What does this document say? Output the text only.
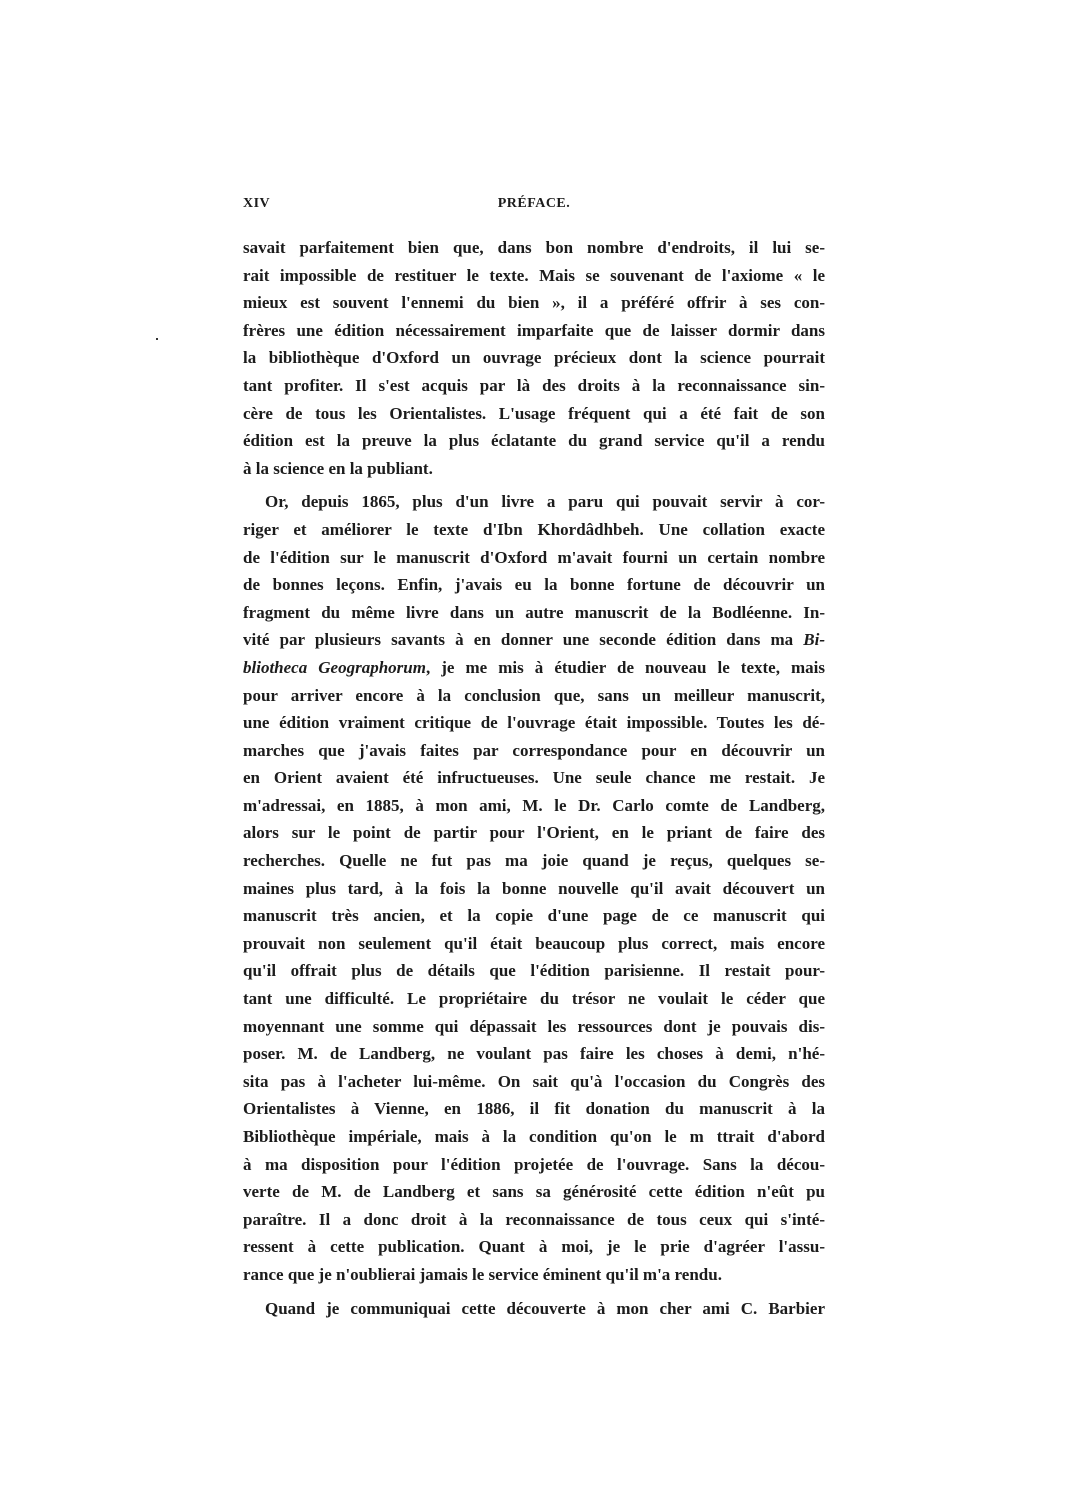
XIV	PRÉFACE.
savait parfaitement bien que, dans bon nombre d'endroits, il lui se-
rait impossible de restituer le texte. Mais se souvenant de l'axiome « le
mieux est souvent l'ennemi du bien », il a préféré offrir à ses con-
frères une édition nécessairement imparfaite que de laisser dormir dans
la bibliothèque d'Oxford un ouvrage précieux dont la science pourrait
tant profiter. Il s'est acquis par là des droits à la reconnaissance sin-
cère de tous les Orientalistes. L'usage fréquent qui a été fait de son
édition est la preuve la plus éclatante du grand service qu'il a rendu
à la science en la publiant.
Or, depuis 1865, plus d'un livre a paru qui pouvait servir à cor-
riger et améliorer le texte d'Ibn Khordâdhbeh. Une collation exacte
de l'édition sur le manuscrit d'Oxford m'avait fourni un certain nombre
de bonnes leçons. Enfin, j'avais eu la bonne fortune de découvrir un
fragment du même livre dans un autre manuscrit de la Bodléenne. In-
vité par plusieurs savants à en donner une seconde édition dans ma Bi-
bliotheca Geographorum, je me mis à étudier de nouveau le texte, mais
pour arriver encore à la conclusion que, sans un meilleur manuscrit,
une édition vraiment critique de l'ouvrage était impossible. Toutes les dé-
marches que j'avais faites par correspondance pour en découvrir un
en Orient avaient été infructueuses. Une seule chance me restait. Je
m'adressai, en 1885, à mon ami, M. le Dr. Carlo comte de Landberg,
alors sur le point de partir pour l'Orient, en le priant de faire des
recherches. Quelle ne fut pas ma joie quand je reçus, quelques se-
maines plus tard, à la fois la bonne nouvelle qu'il avait découvert un
manuscrit très ancien, et la copie d'une page de ce manuscrit qui
prouvait non seulement qu'il était beaucoup plus correct, mais encore
qu'il offrait plus de détails que l'édition parisienne. Il restait pour-
tant une difficulté. Le propriétaire du trésor ne voulait le céder que
moyennant une somme qui dépassait les ressources dont je pouvais dis-
poser. M. de Landberg, ne voulant pas faire les choses à demi, n'hé-
sita pas à l'acheter lui-même. On sait qu'à l'occasion du Congrès des
Orientalistes à Vienne, en 1886, il fit donation du manuscrit à la
Bibliothèque impériale, mais à la condition qu'on le m ttrait d'abord
à ma disposition pour l'édition projetée de l'ouvrage. Sans la décou-
verte de M. de Landberg et sans sa générosité cette édition n'eût pu
paraître. Il a donc droit à la reconnaissance de tous ceux qui s'inté-
ressent à cette publication. Quant à moi, je le prie d'agréer l'assu-
rance que je n'oublierai jamais le service éminent qu'il m'a rendu.
Quand je communiquai cette découverte à mon cher ami C. Barbier
